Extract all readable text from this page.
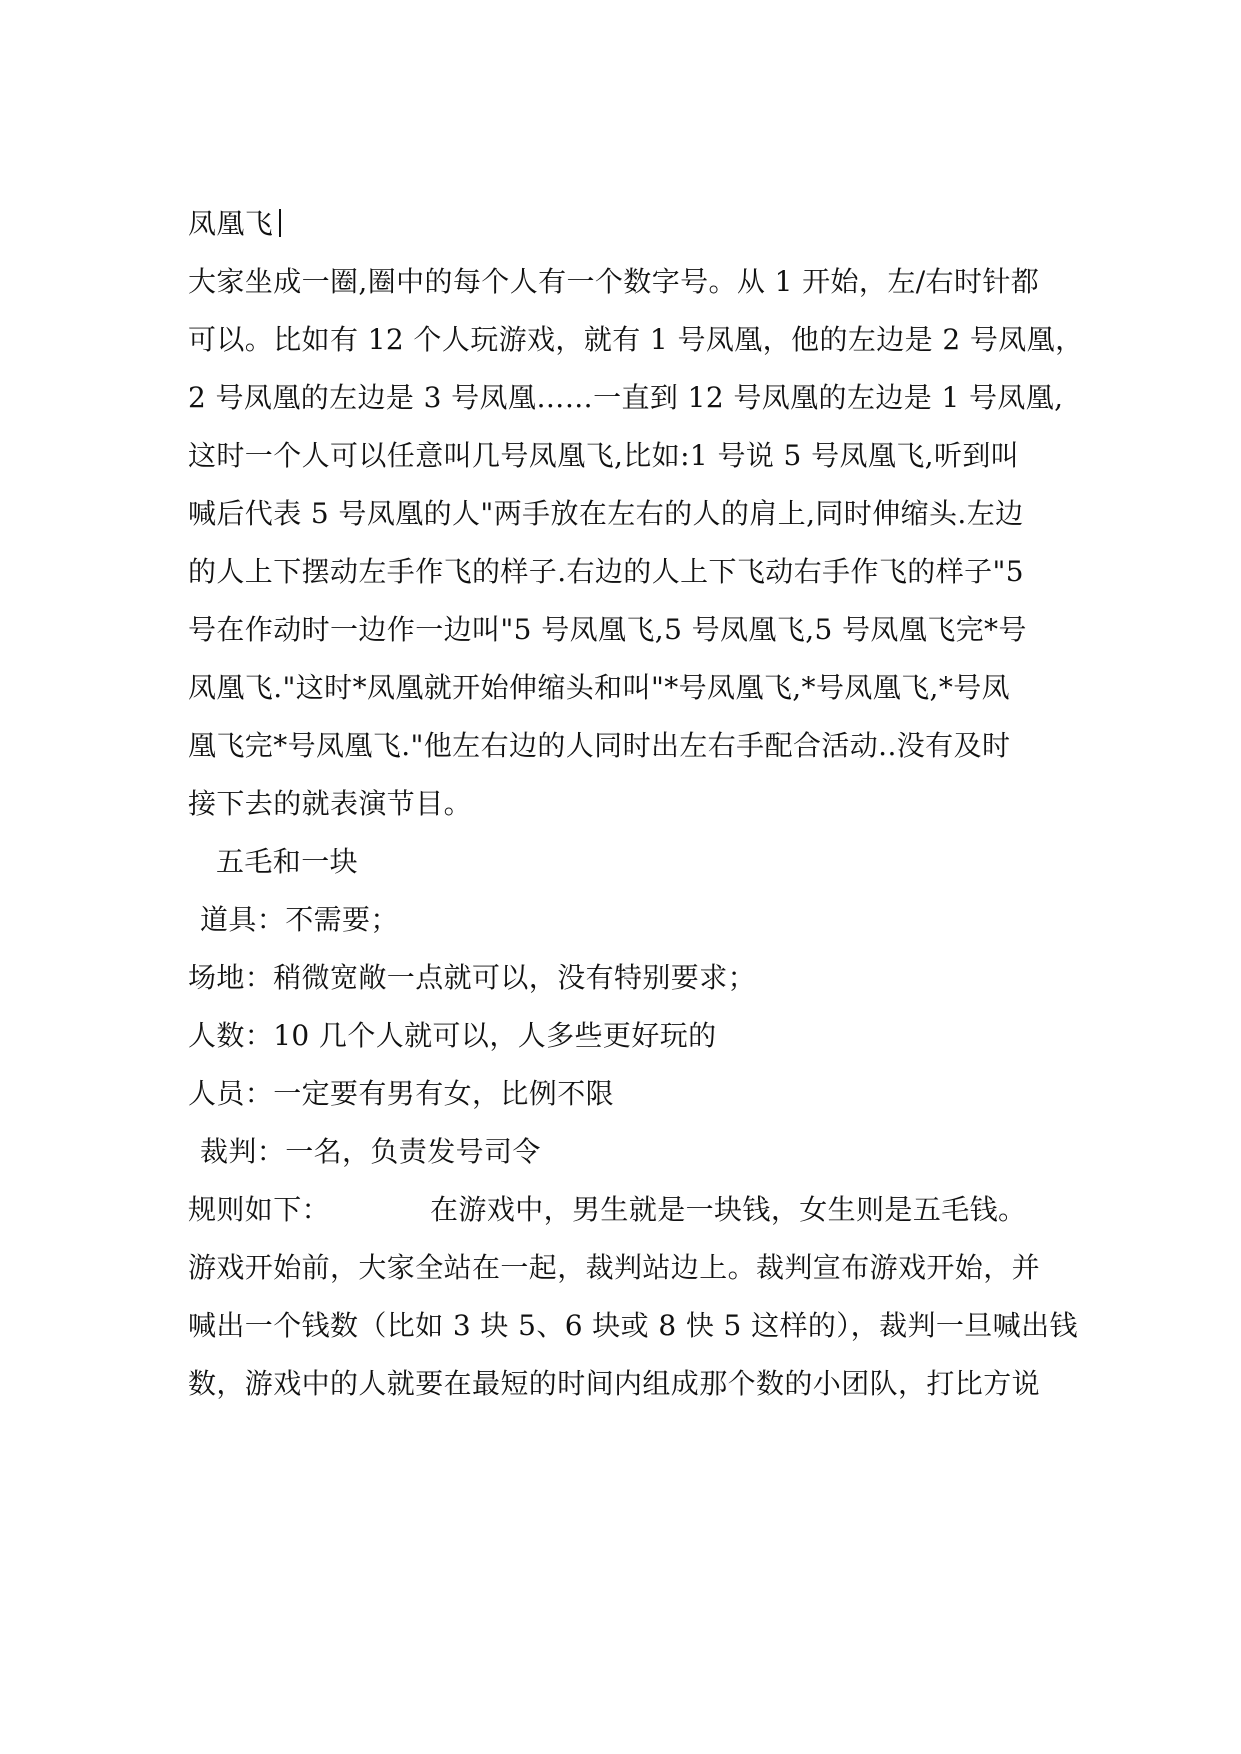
凤凰飞
大家坐成一圈,圈中的每个人有一个数字号。从 1 开始，左/右时针都
可以。比如有 12 个人玩游戏，就有 1 号凤凰，他的左边是 2 号凤凰，
2 号凤凰的左边是 3 号凤凰……一直到 12 号凤凰的左边是 1 号凤凰,
这时一个人可以任意叫几号凤凰飞,比如:1 号说 5 号凤凰飞,听到叫
喊后代表 5 号凤凰的人"两手放在左右的人的肩上,同时伸缩头.左边
的人上下摆动左手作飞的样子.右边的人上下飞动右手作飞的样子"5
号在作动时一边作一边叫"5 号凤凰飞,5 号凤凰飞,5 号凤凰飞完*号
凤凰飞."这时*凤凰就开始伸缩头和叫"*号凤凰飞,*号凤凰飞,*号凤
凰飞完*号凤凰飞."他左右边的人同时出左右手配合活动..没有及时
接下去的就表演节目。
五毛和一块
道具：不需要；
场地：稍微宽敞一点就可以，没有特别要求；
人数：10 几个人就可以，人多些更好玩的
人员：一定要有男有女，比例不限
裁判：一名，负责发号司令
规则如下：	在游戏中，男生就是一块钱，女生则是五毛钱。
游戏开始前，大家全站在一起，裁判站边上。裁判宣布游戏开始，并
喊出一个钱数（比如 3 块 5、6 块或 8 快 5 这样的），裁判一旦喊出钱
数，游戏中的人就要在最短的时间内组成那个数的小团队，打比方说
